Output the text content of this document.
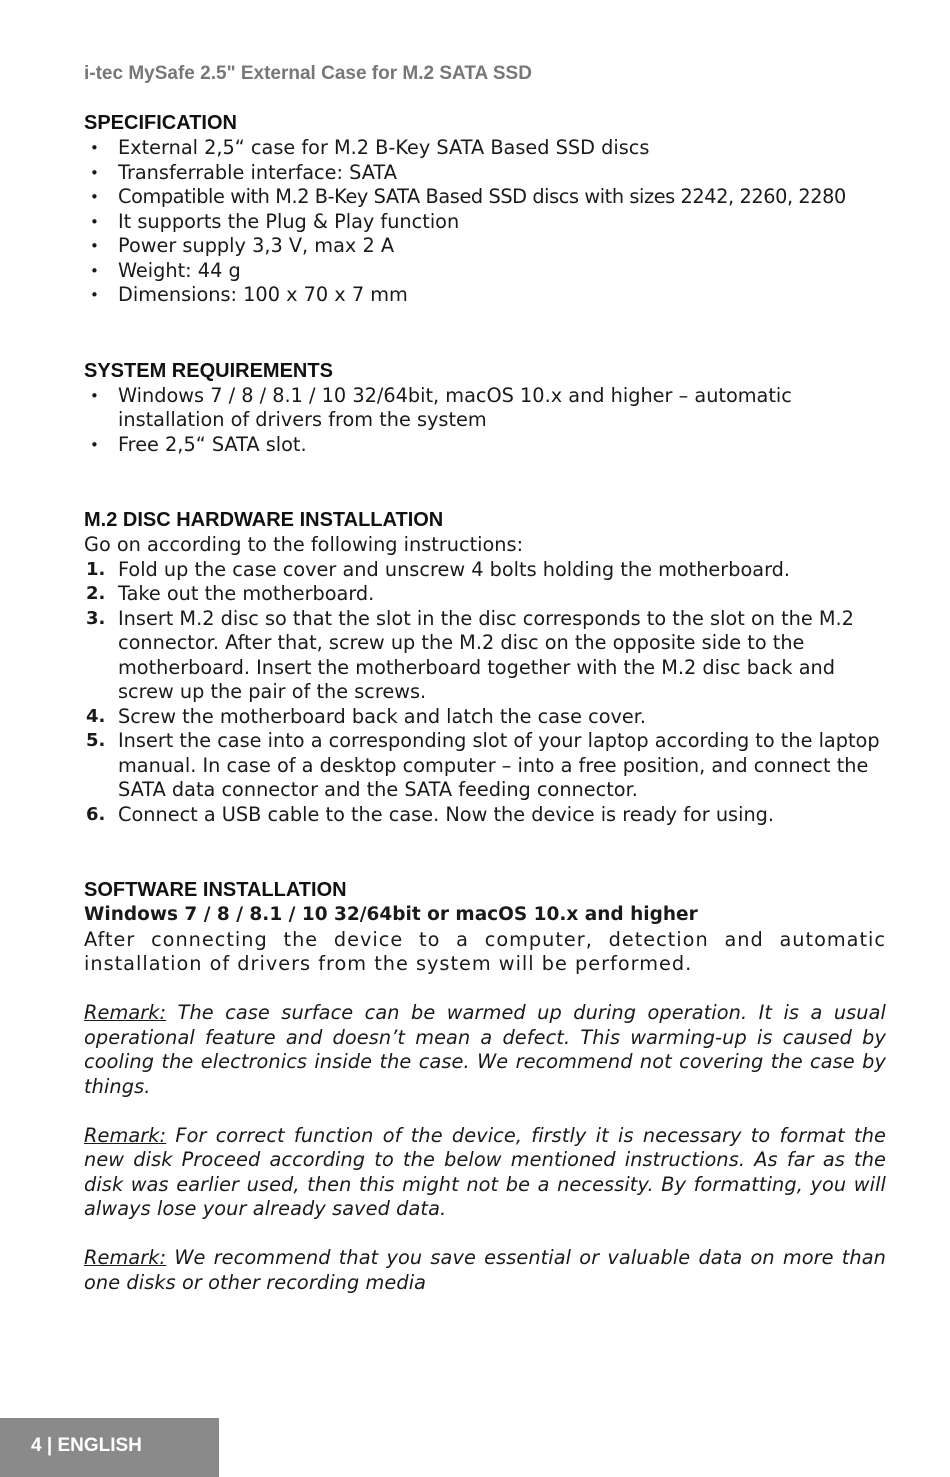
i-tec MySafe 2.5" External Case for M.2 SATA SSD

SPECIFICATION
• External 2,5“ case for M.2 B-Key SATA Based SSD discs
• Transferrable interface: SATA
• Compatible with M.2 B-Key SATA Based SSD discs with sizes 2242, 2260, 2280
• It supports the Plug & Play function
• Power supply 3,3 V, max 2 A
• Weight: 44 g
• Dimensions: 100 x 70 x 7 mm
SYSTEM REQUIREMENTS
• Windows 7 / 8 / 8.1 / 10 32/64bit, macOS 10.x and higher – automatic installation of drivers from the system
• Free 2,5“ SATA slot.
M.2 DISC HARDWARE INSTALLATION

Go on according to the following instructions:

1. Fold up the case cover and unscrew 4 bolts holding the motherboard.
2. Take out the motherboard.
3. Insert M.2 disc so that the slot in the disc corresponds to the slot on the M.2 connector. After that, screw up the M.2 disc on the opposite side to the motherboard. Insert the motherboard together with the M.2 disc back and screw up the pair of the screws.
4. Screw the motherboard back and latch the case cover.
5. Insert the case into a corresponding slot of your laptop according to the laptop manual. In case of a desktop computer – into a free position, and connect the SATA data connector and the SATA feeding connector.
6. Connect a USB cable to the case. Now the device is ready for using.
SOFTWARE INSTALLATION

Windows 7 / 8 / 8.1 / 10 32/64bit or macOS 10.x and higher

After connecting the device to a computer, detection and automatic installation of drivers from the system will be performed.

Remark: The case surface can be warmed up during operation. It is a usual operational feature and doesn’t mean a defect. This warming-up is caused by cooling the electronics inside the case. We recommend not covering the case by things.

Remark: For correct function of the device, firstly it is necessary to format the new disk Proceed according to the below mentioned instructions. As far as the disk was earlier used, then this might not be a necessity. By formatting, you will always lose your already saved data.

Remark: We recommend that you save essential or valuable data on more than one disks or other recording media

4 | ENGLISH
